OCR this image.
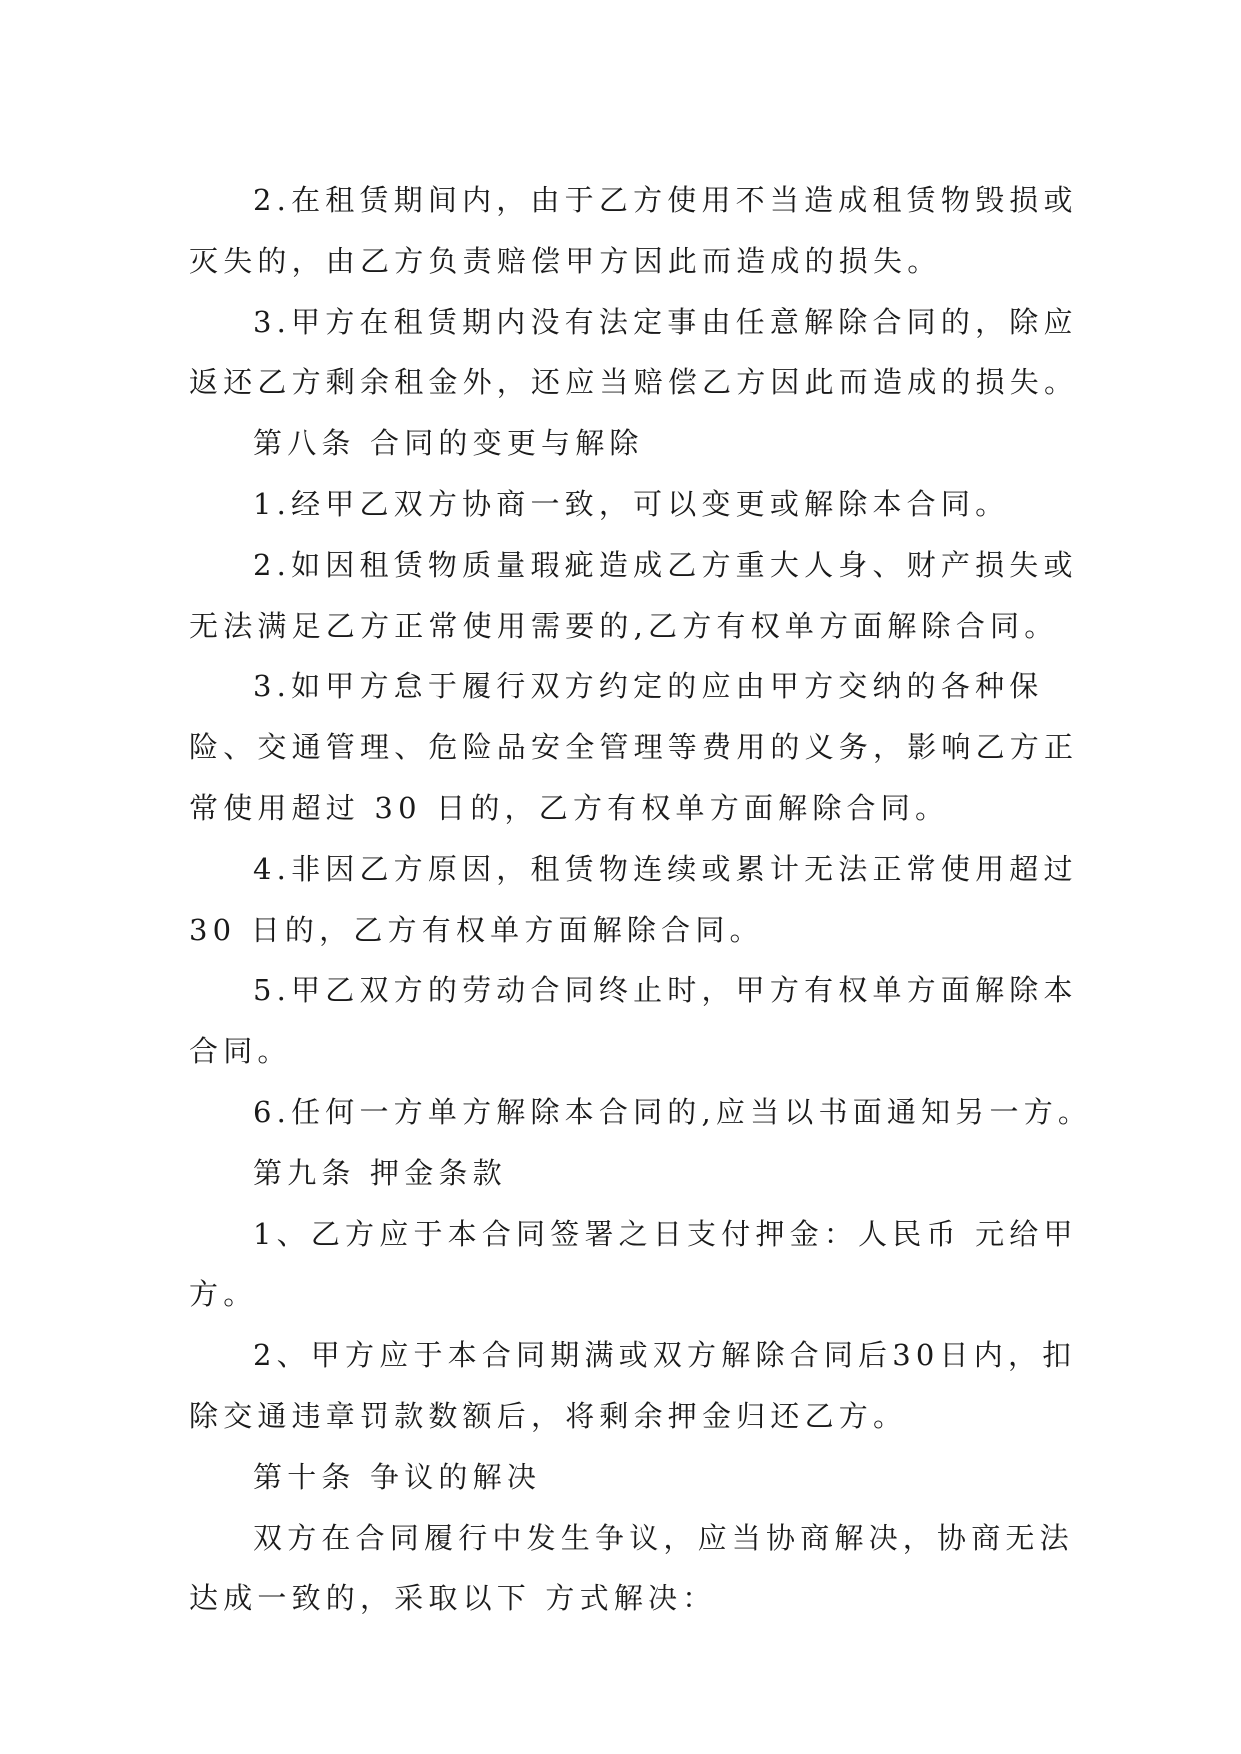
2.在租赁期间内，由于乙方使用不当造成租赁物毁损或
灭失的，由乙方负责赔偿甲方因此而造成的损失。
3.甲方在租赁期内没有法定事由任意解除合同的，除应
返还乙方剩余租金外，还应当赔偿乙方因此而造成的损失。
第八条 合同的变更与解除
1.经甲乙双方协商一致，可以变更或解除本合同。
2.如因租赁物质量瑕疵造成乙方重大人身、财产损失或
无法满足乙方正常使用需要的,乙方有权单方面解除合同。
3.如甲方怠于履行双方约定的应由甲方交纳的各种保
险、交通管理、危险品安全管理等费用的义务，影响乙方正
常使用超过 30 日的，乙方有权单方面解除合同。
4.非因乙方原因，租赁物连续或累计无法正常使用超过
30 日的，乙方有权单方面解除合同。
5.甲乙双方的劳动合同终止时，甲方有权单方面解除本
合同。
6.任何一方单方解除本合同的,应当以书面通知另一方。
第九条 押金条款
1、乙方应于本合同签署之日支付押金：人民币 元给甲
方。
2、甲方应于本合同期满或双方解除合同后30日内，扣
除交通违章罚款数额后，将剩余押金归还乙方。
第十条 争议的解决
双方在合同履行中发生争议，应当协商解决，协商无法
达成一致的，采取以下 方式解决：
